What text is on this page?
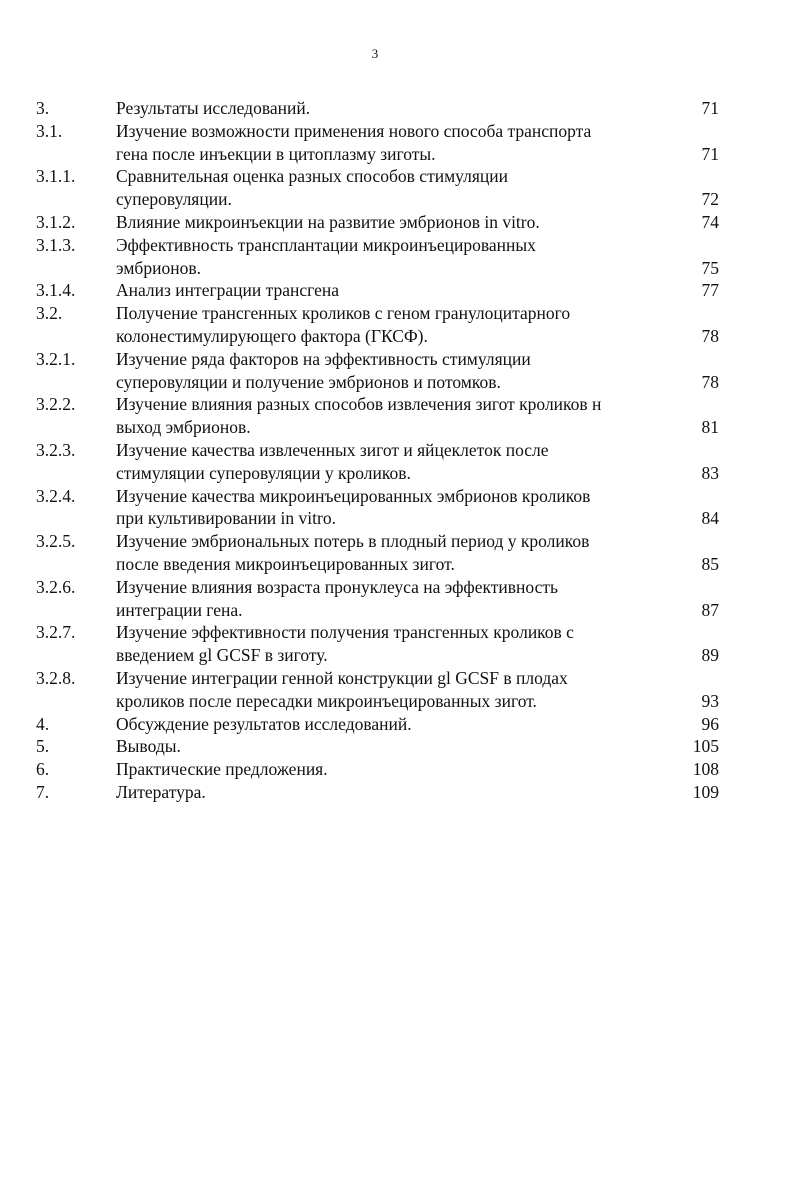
3
3.	Результаты исследований.	71
3.1.	Изучение возможности применения нового способа транспорта
гена после инъекции в цитоплазму зиготы.	71
3.1.1.	Сравнительная оценка разных способов стимуляции
суперовуляции.	72
3.1.2.	Влияние микроинъекции на развитие эмбрионов in vitro.	74
3.1.3.	Эффективность трансплантации микроинъецированных
эмбрионов.	75
3.1.4.	Анализ интеграции трансгена	77
3.2.	Получение трансгенных кроликов с геном гранулоцитарного
колонестимулирующего фактора (ГКСФ).	78
3.2.1.	Изучение ряда факторов на эффективность стимуляции
суперовуляции и получение эмбрионов и потомков.	78
3.2.2.	Изучение влияния разных способов извлечения зигот кроликов н
выход эмбрионов.	81
3.2.3.	Изучение качества извлеченных зигот и яйцеклеток после
стимуляции суперовуляции у кроликов.	83
3.2.4.	Изучение качества микроинъецированных эмбрионов кроликов
при культивировании in vitro.	84
3.2.5.	Изучение эмбриональных потерь в плодный период у кроликов
после введения микроинъецированных зигот.	85
3.2.6.	Изучение влияния возраста пронуклеуса на эффективность
интеграции гена.	87
3.2.7.	Изучение эффективности получения трансгенных кроликов с
введением gl GCSF в зиготу.	89
3.2.8.	Изучение интеграции генной конструкции gl GCSF в плодах
кроликов после пересадки микроинъецированных зигот.	93
4.	Обсуждение результатов исследований.	96
5.	Выводы.	105
6.	Практические предложения.	108
7.	Литература.	109
